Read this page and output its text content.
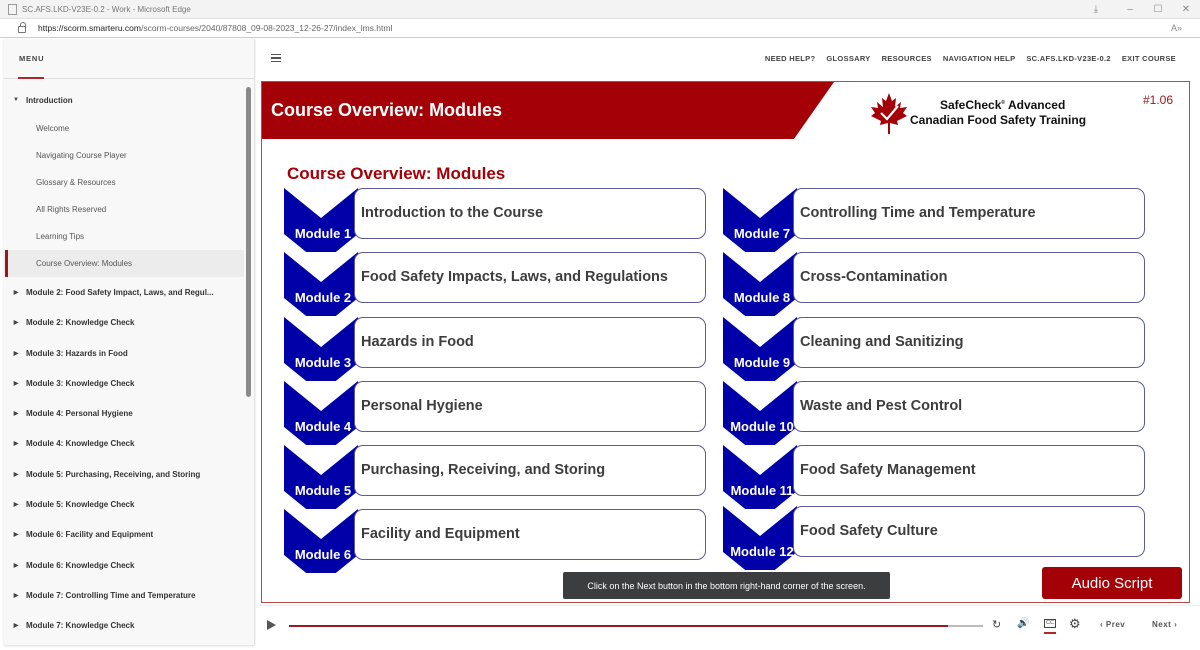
SC.AFS.LKD-V23E-0.2 - Work - Microsoft Edge	⤓	–	☐	✕
https://scorm.smarteru.com/scorm-courses/2040/87808_09-08-2023_12-26-27/index_lms.html	A»
MENU
▼ Introduction
Welcome
Navigating Course Player
Glossary & Resources
All Rights Reserved
Learning Tips
Course Overview: Modules
▶ Module 2: Food Safety Impact, Laws, and Regul...
▶ Module 2: Knowledge Check
▶ Module 3: Hazards in Food
▶ Module 3: Knowledge Check
▶ Module 4: Personal Hygiene
▶ Module 4: Knowledge Check
▶ Module 5: Purchasing, Receiving, and Storing
▶ Module 5: Knowledge Check
▶ Module 6: Facility and Equipment
▶ Module 6: Knowledge Check
▶ Module 7: Controlling Time and Temperature
▶ Module 7: Knowledge Check
NEED HELP? GLOSSARY RESOURCES NAVIGATION HELP SC.AFS.LKD-V23E-0.2 EXIT COURSE
Course Overview: Modules	SafeCheck® Advanced
Canadian Food Safety Training
#1.06
Course Overview: Modules
Introduction to the Course
Module 1
Food Safety Impacts, Laws, and Regulations
Module 2
Hazards in Food
Module 3
Personal Hygiene
Module 4
Purchasing, Receiving, and Storing
Module 5
Facility and Equipment
Module 6
Controlling Time and Temperature
Module 7
Cross-Contamination
Module 8
Cleaning and Sanitizing
Module 9
Waste and Pest Control
Module 10
Food Safety Management
Module 11
Food Safety Culture
Module 12
Click on the Next button in the bottom right-hand corner of the screen.	Audio Script
↻ 🔊	CC ⚙ ‹ Prev	Next ›
